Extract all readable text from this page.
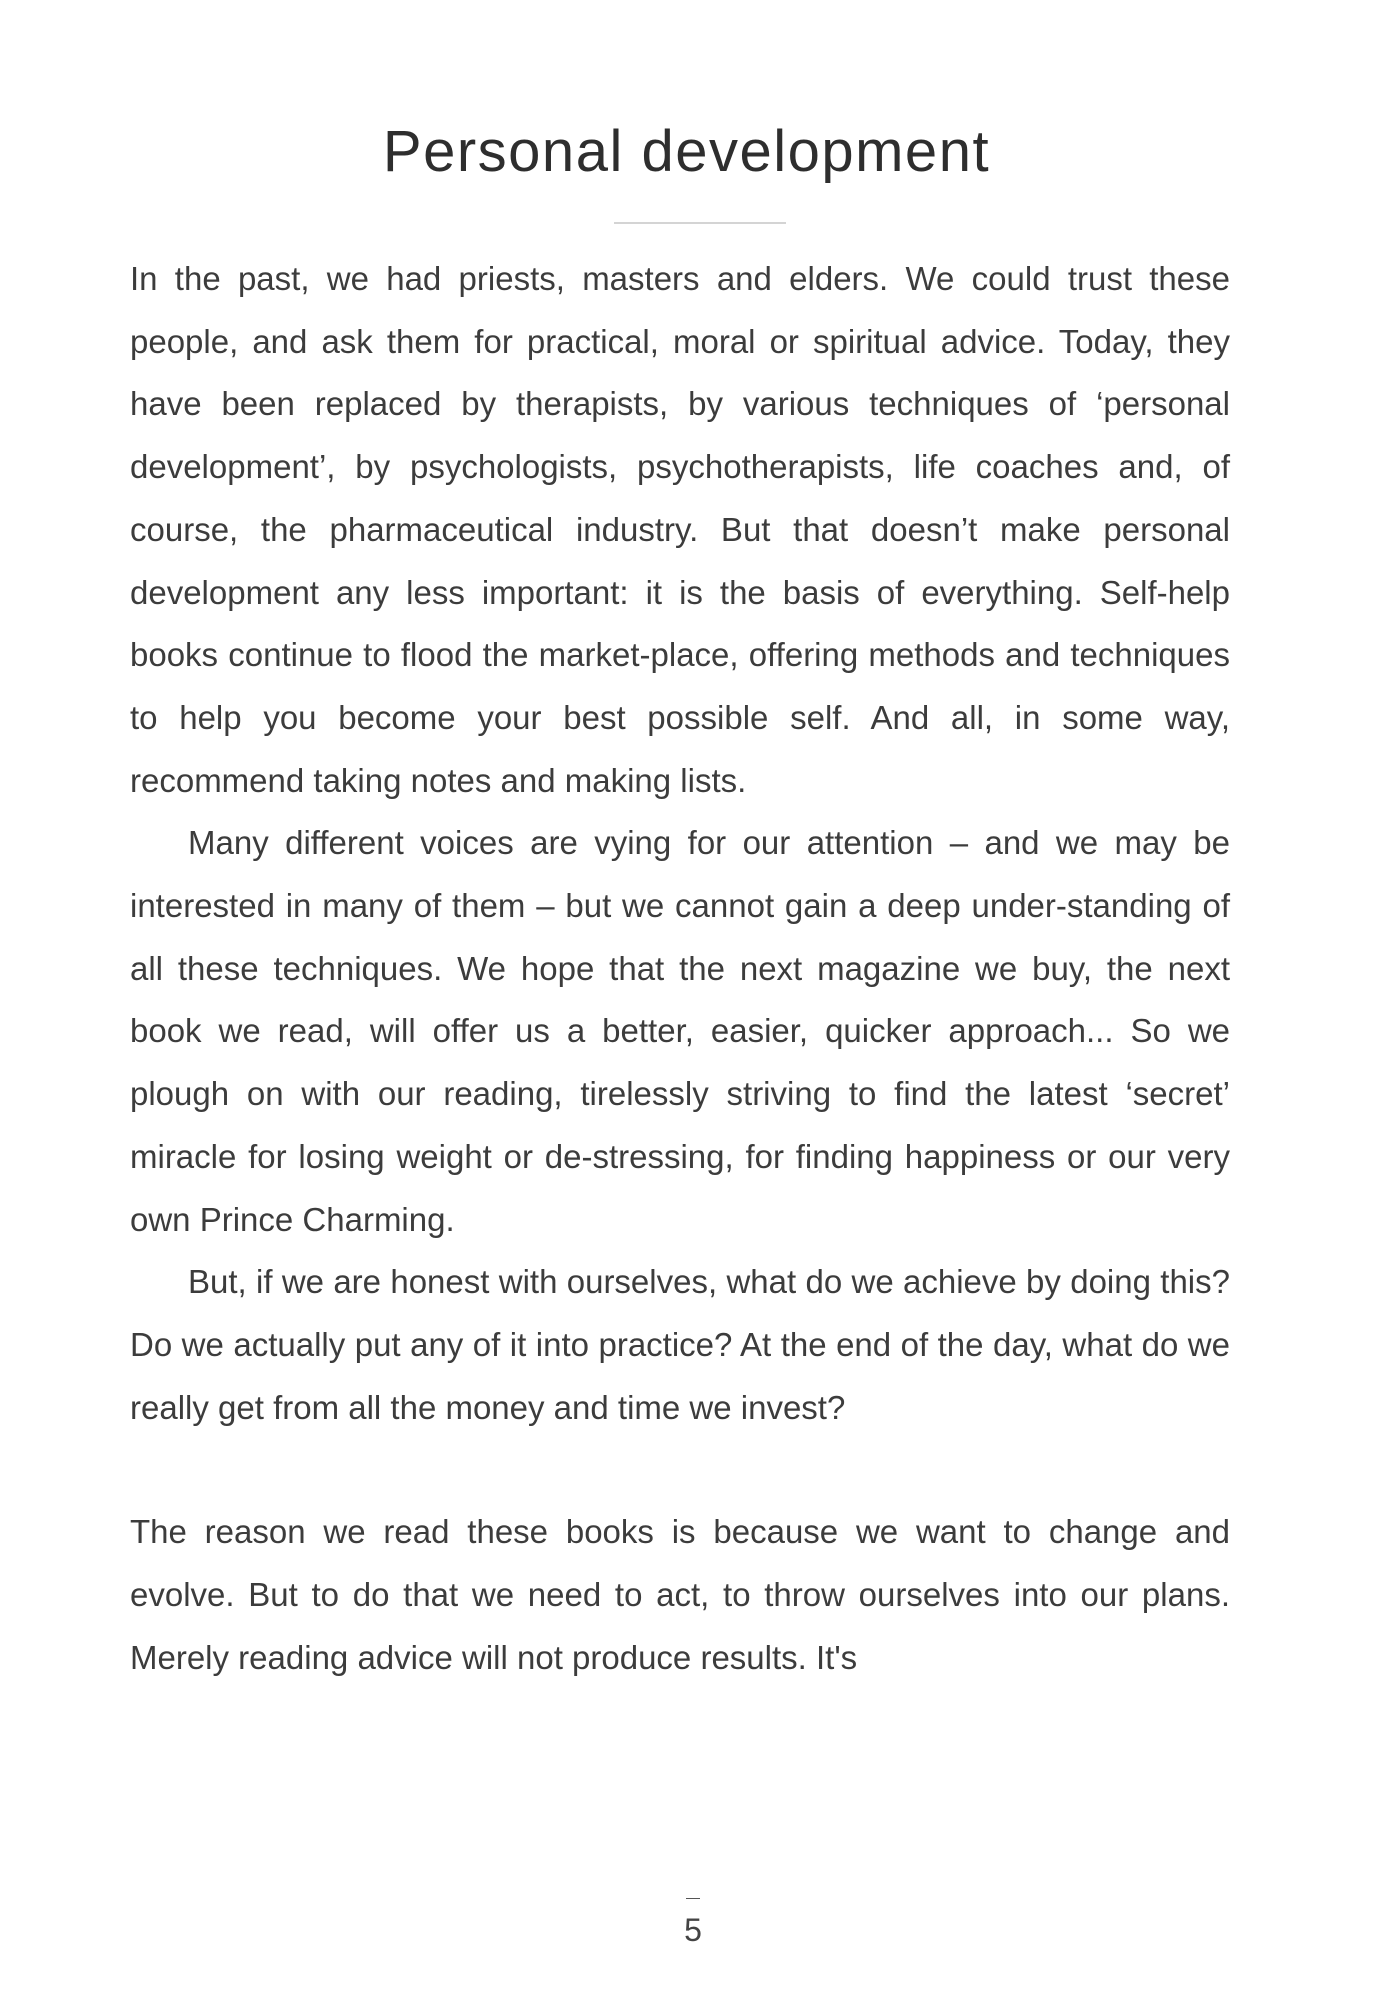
Personal development

In the past, we had priests, masters and elders. We could trust these people, and ask them for practical, moral or spiritual advice. Today, they have been replaced by therapists, by various techniques of ‘personal development’, by psychologists, psychotherapists, life coaches and, of course, the pharmaceutical industry. But that doesn’t make personal development any less important: it is the basis of everything. Self-help books continue to flood the market-place, offering methods and techniques to help you become your best possible self. And all, in some way, recommend taking notes and making lists.

Many different voices are vying for our attention – and we may be interested in many of them – but we cannot gain a deep under-standing of all these techniques. We hope that the next magazine we buy, the next book we read, will offer us a better, easier, quicker approach... So we plough on with our reading, tirelessly striving to find the latest ‘secret’ miracle for losing weight or de-stressing, for finding happiness or our very own Prince Charming.

But, if we are honest with ourselves, what do we achieve by doing this? Do we actually put any of it into practice? At the end of the day, what do we really get from all the money and time we invest?

The reason we read these books is because we want to change and evolve. But to do that we need to act, to throw ourselves into our plans. Merely reading advice will not produce results. It's

5
